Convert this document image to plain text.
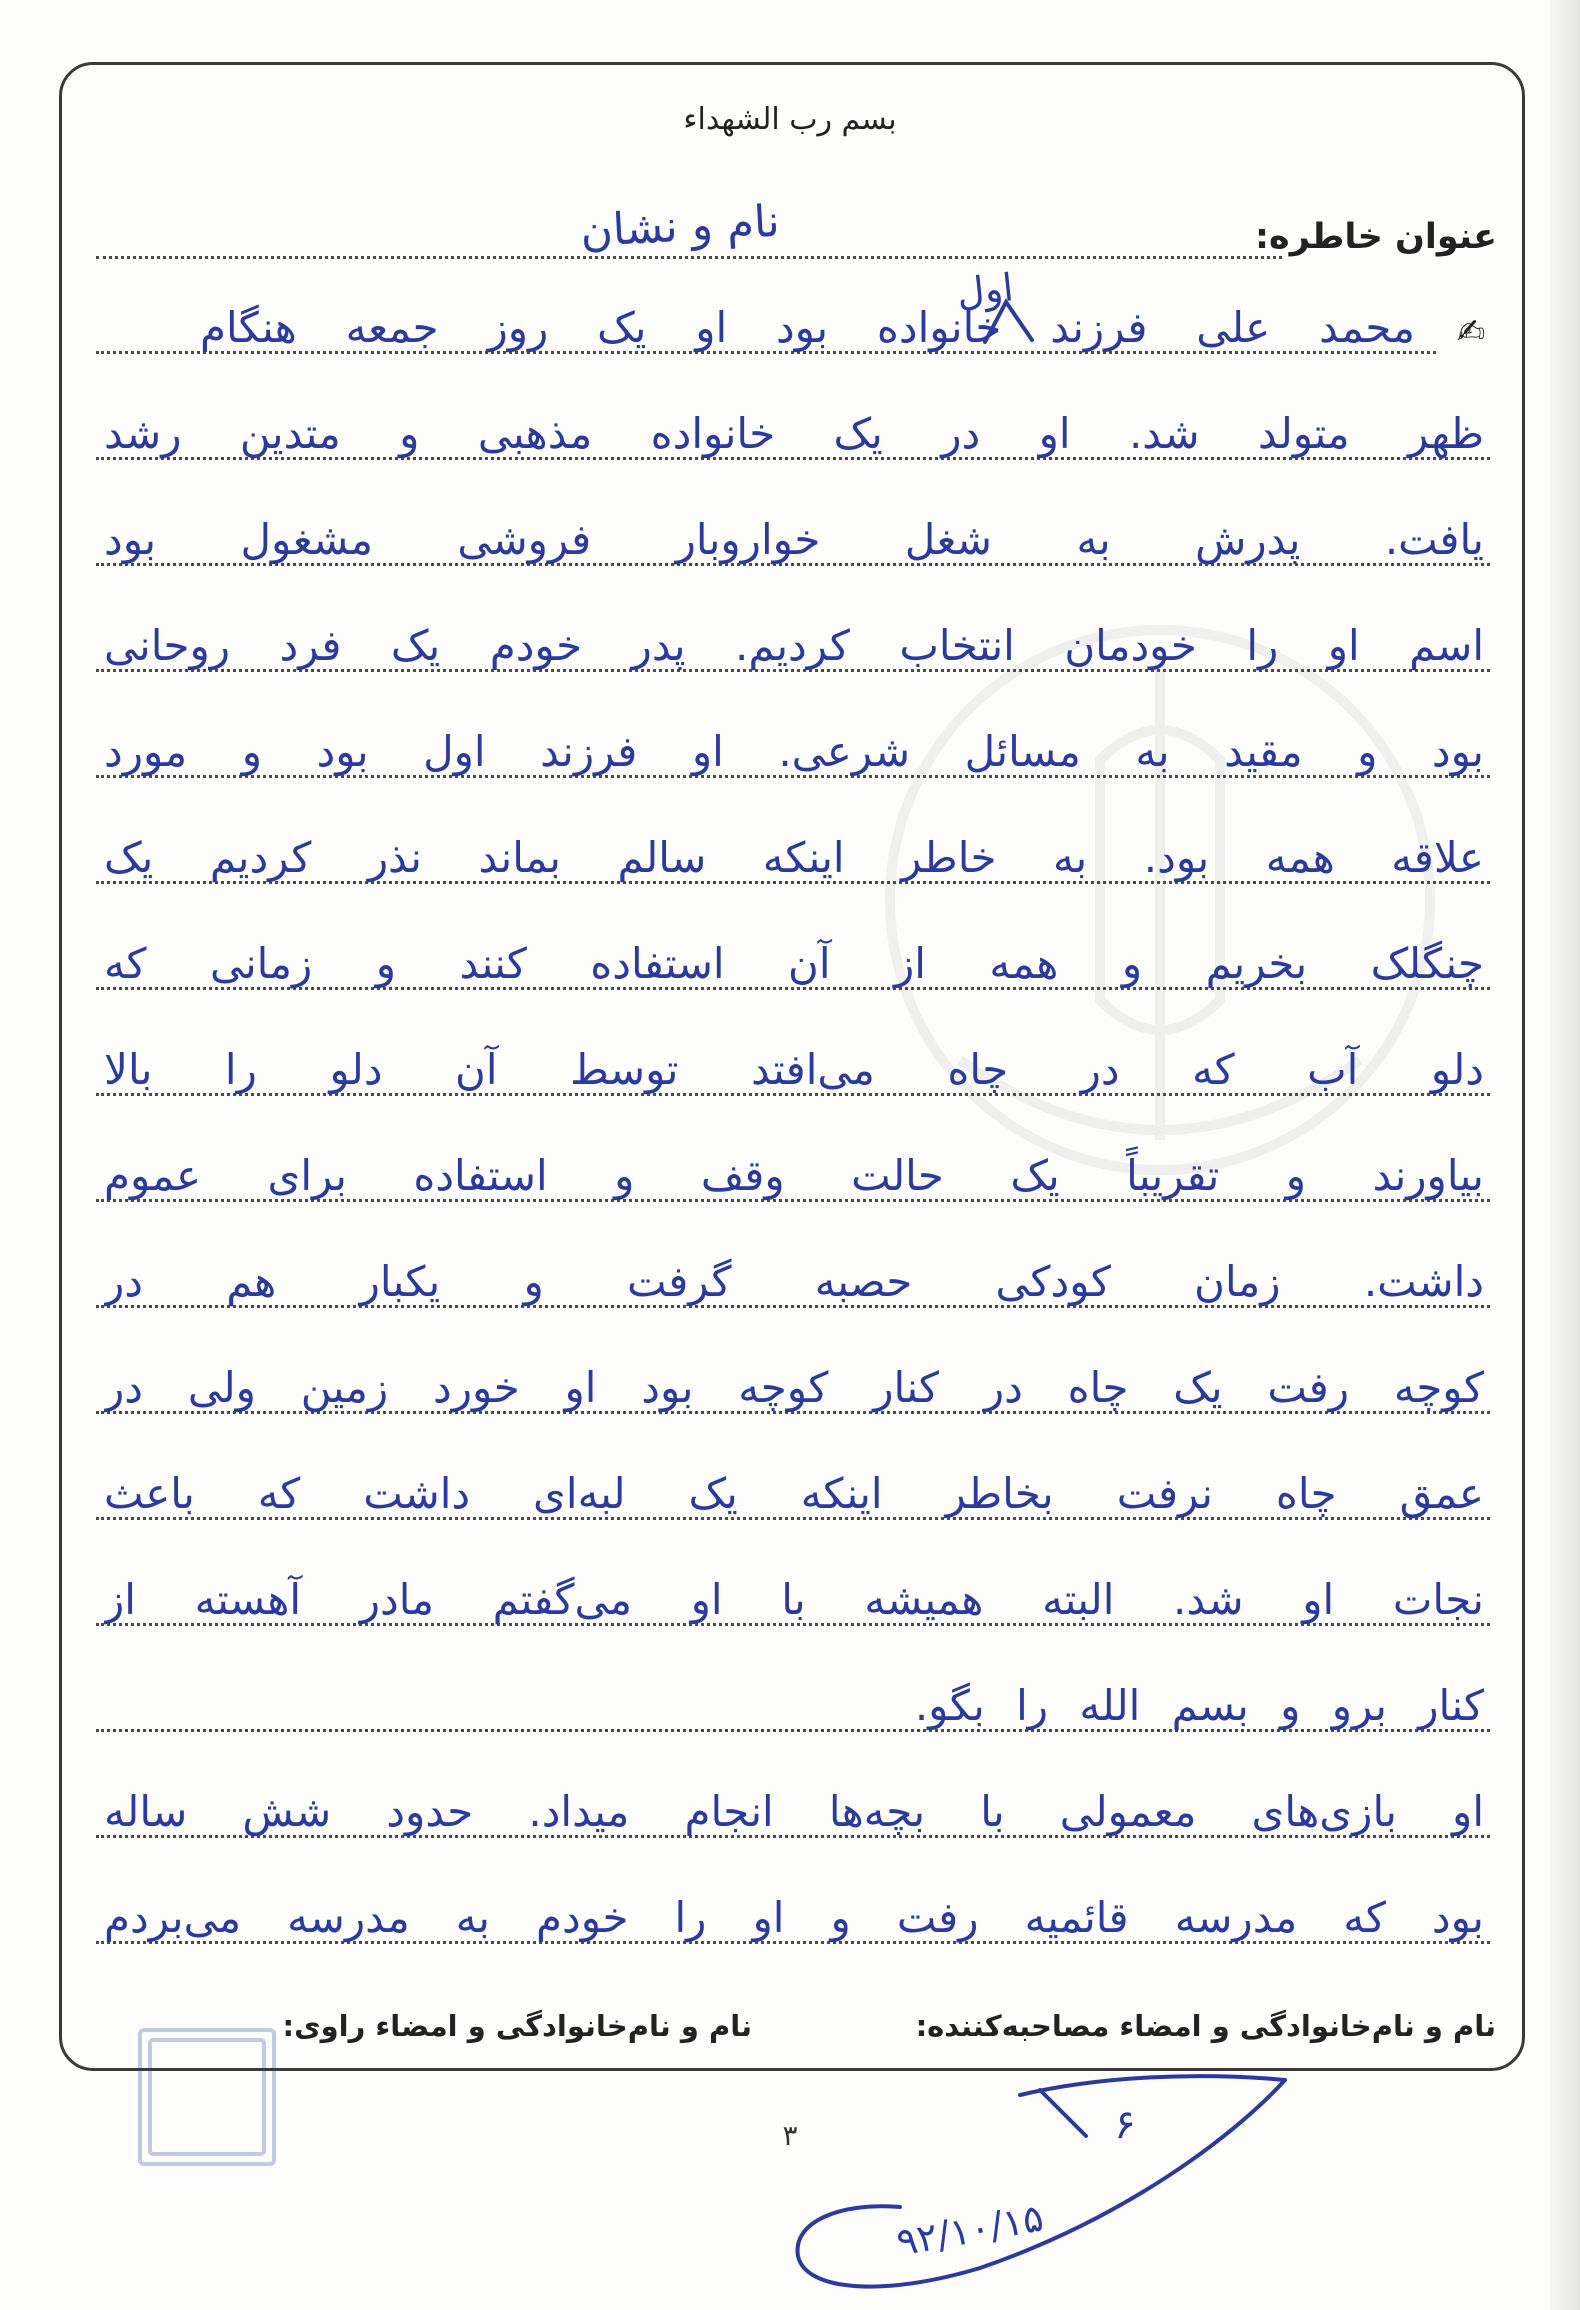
بسم رب الشهداء
عنوان خاطره:
نام و نشان
اول
✍
محمد علی فرزند خانواده بود او یک روز جمعه هنگام
ظهر متولد شد. او در یک خانواده مذهبی و متدین رشد
یافت. پدرش به شغل خواروبار فروشی مشغول بود
اسم او را خودمان انتخاب کردیم. پدر خودم یک فرد روحانی
بود و مقید به مسائل شرعی. او فرزند اول بود و مورد
علاقه همه بود. به خاطر اینکه سالم بماند نذر کردیم یک
چنگلک بخریم و همه از آن استفاده کنند و زمانی که
دلو آب که در چاه می‌افتد توسط آن دلو را بالا
بیاورند و تقریباً یک حالت وقف و استفاده برای عموم
داشت. زمان کودکی حصبه گرفت و یکبار هم در
کوچه رفت یک چاه در کنار کوچه بود او خورد زمین ولی در
عمق چاه نرفت بخاطر اینکه یک لبه‌ای داشت که باعث
نجات او شد. البته همیشه با او می‌گفتم مادر آهسته از
کنار برو و بسم الله را بگو.
او بازی‌های معمولی با بچه‌ها انجام میداد. حدود شش ساله
بود که مدرسه قائمیه رفت و او را خودم به مدرسه می‌بردم
نام و نام‌خانوادگی و امضاء مصاحبه‌کننده:
نام و نام‌خانوادگی و امضاء راوی:
۳	۶
۹۲/۱۰/۱۵
